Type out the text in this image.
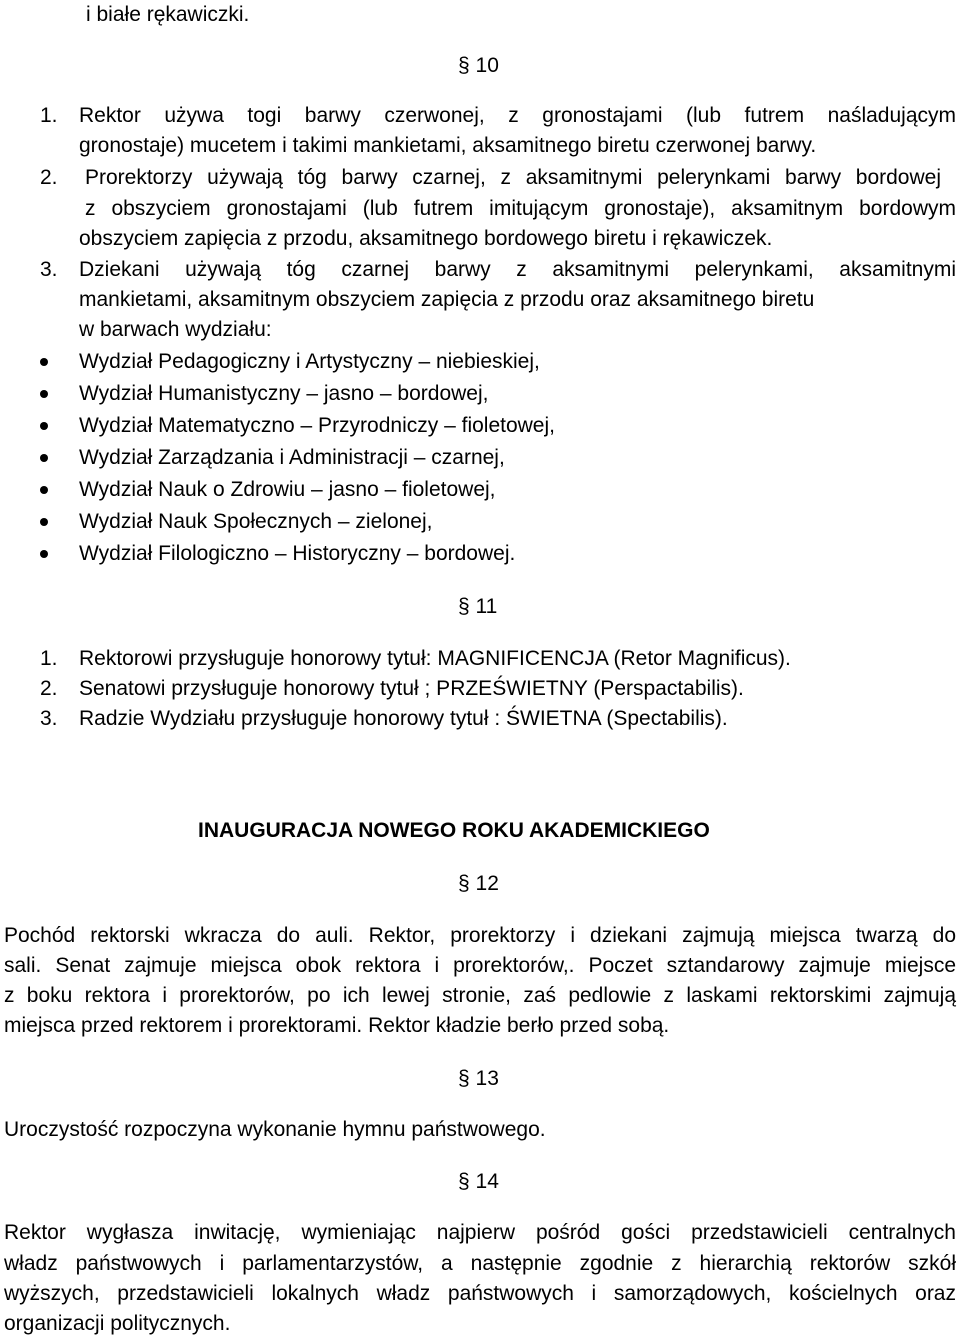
i białe rękawiczki.
§ 10
1. Rektor używa togi barwy czerwonej, z gronostajami (lub futrem naśladującym
gronostaje) mucetem i takimi mankietami, aksamitnego biretu czerwonej barwy.
2. Prorektorzy używają tóg barwy czarnej, z aksamitnymi pelerynkami barwy bordowej
z obszyciem gronostajami (lub futrem imitującym gronostaje), aksamitnym bordowym
obszyciem zapięcia z przodu, aksamitnego bordowego biretu i rękawiczek.
3. Dziekani używają tóg czarnej barwy z aksamitnymi pelerynkami, aksamitnymi
mankietami, aksamitnym obszyciem zapięcia z przodu oraz aksamitnego biretu
w barwach wydziału:
Wydział Pedagogiczny i Artystyczny – niebieskiej,
Wydział Humanistyczny – jasno – bordowej,
Wydział Matematyczno – Przyrodniczy – fioletowej,
Wydział Zarządzania i Administracji – czarnej,
Wydział Nauk o Zdrowiu – jasno – fioletowej,
Wydział Nauk Społecznych – zielonej,
Wydział Filologiczno – Historyczny – bordowej.
§ 11
1. Rektorowi przysługuje honorowy tytuł: MAGNIFICENCJA (Retor Magnificus).
2. Senatowi przysługuje honorowy tytuł ; PRZEŚWIETNY (Perspactabilis).
3. Radzie Wydziału przysługuje honorowy tytuł : ŚWIETNA (Spectabilis).
INAUGURACJA NOWEGO ROKU AKADEMICKIEGO
§ 12
Pochód rektorski wkracza do auli. Rektor, prorektorzy i dziekani zajmują miejsca twarzą do
sali. Senat zajmuje miejsca obok rektora i prorektorów,. Poczet sztandarowy zajmuje miejsce
z boku rektora i prorektorów, po ich lewej stronie, zaś pedlowie z laskami rektorskimi zajmują
miejsca przed rektorem i prorektorami. Rektor kładzie berło przed sobą.
§ 13
Uroczystość rozpoczyna wykonanie hymnu państwowego.
§ 14
Rektor wygłasza inwitację, wymieniając najpierw pośród gości przedstawicieli centralnych
władz państwowych i parlamentarzystów, a następnie zgodnie z hierarchią rektorów szkół
wyższych, przedstawicieli lokalnych władz państwowych i samorządowych, kościelnych oraz
organizacji politycznych.
